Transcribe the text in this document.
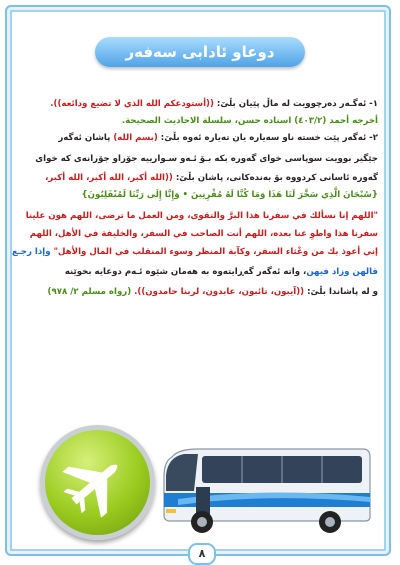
دوعاو ئادابی سەفەر
١- ئەگـەر دەرچوویت لە ماڵ پێیان بڵێ: ((أستودعكم الله الذي لا تضيع ودائعه)).
أخرجه أحمد (٤٠٣/٢) اسناده حسن، سلسلة الاحاديث الصحيحة.
٢- ئەگەر پێت خستە ناو سەیارە یان تەیارە ئەوە بڵێ: (بسم الله) پاشان ئەگەر
جێگیر بوویت سوپاسی خوای گەورە بکە بـۆ ئـەو سـوارییە جۆراو جۆرانەی کە خوای
گەورە ئاسانی کردووە بۆ بەندەکانی، پاشان بڵێ: ((الله أكبر، الله أكبر، الله أكبر،
{سُبْحَانَ الَّذِي سَخَّرَ لَنَا هَذَا وَمَا كُنَّا لَهُ مُقْرِنِينَ • وَإِنَّا إِلَى رَبِّنَا لَمُنْقَلِبُونَ}
"اللهم إنا نسألك في سفرنا هذا البرَّ والتقوى، ومن العمل ما ترضى، اللهم هون علينا
سفرنا هذا واطوِ عنا بعده، اللهم أنت الصاحب في السفر، والخليفة في الأهل، اللهم
إني أعوذ بك من وعْثاء السفر، وكآبة المنظر وسوء المنقلب في المال والأهل" وإذا رجـع
قالهن وزاد فيهن، واتە ئەگەر گەڕایتەوە بە هەمان شێوە ئـەم دوعایە بخوێنە
و لە پاشاندا بڵێ: ((آيبون، تائبون، عابدون، لربنا حامدون)). (رواه مسلم ٢/ ٩٧٨)
٨
